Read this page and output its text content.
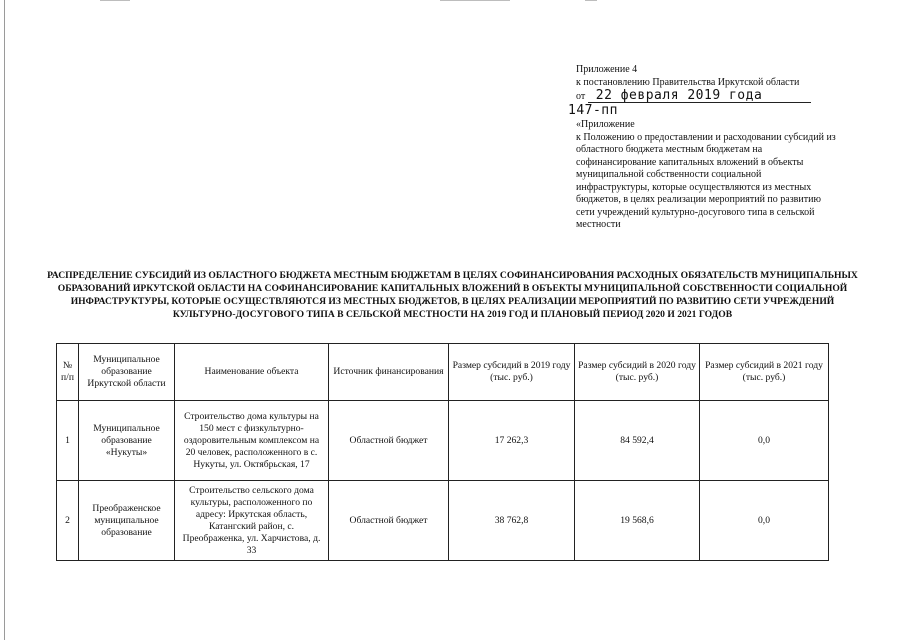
Приложение 4
к постановлению Правительства Иркутской области
от 22 февраля 2019 года
147-пп
«Приложение
к Положению о предоставлении и расходовании субсидий из областного бюджета местным бюджетам на софинансирование капитальных вложений в объекты муниципальной собственности социальной инфраструктуры, которые осуществляются из местных бюджетов, в целях реализации мероприятий по развитию сети учреждений культурно-досугового типа в сельской местности
РАСПРЕДЕЛЕНИЕ СУБСИДИЙ ИЗ ОБЛАСТНОГО БЮДЖЕТА МЕСТНЫМ БЮДЖЕТАМ В ЦЕЛЯХ СОФИНАНСИРОВАНИЯ РАСХОДНЫХ ОБЯЗАТЕЛЬСТВ МУНИЦИПАЛЬНЫХ ОБРАЗОВАНИЙ ИРКУТСКОЙ ОБЛАСТИ НА СОФИНАНСИРОВАНИЕ КАПИТАЛЬНЫХ ВЛОЖЕНИЙ В ОБЪЕКТЫ МУНИЦИПАЛЬНОЙ СОБСТВЕННОСТИ СОЦИАЛЬНОЙ ИНФРАСТРУКТУРЫ, КОТОРЫЕ ОСУЩЕСТВЛЯЮТСЯ ИЗ МЕСТНЫХ БЮДЖЕТОВ, В ЦЕЛЯХ РЕАЛИЗАЦИИ МЕРОПРИЯТИЙ ПО РАЗВИТИЮ СЕТИ УЧРЕЖДЕНИЙ КУЛЬТУРНО-ДОСУГОВОГО ТИПА В СЕЛЬСКОЙ МЕСТНОСТИ НА 2019 ГОД И ПЛАНОВЫЙ ПЕРИОД 2020 И 2021 ГОДОВ
№ п/п	Муниципальное образование Иркутской области	Наименование объекта	Источник финансирования	Размер субсидий в 2019 году (тыс. руб.)	Размер субсидий в 2020 году (тыс. руб.)	Размер субсидий в 2021 году (тыс. руб.)
1	Муниципальное образование «Нукуты»	Строительство дома культуры на 150 мест с физкультурно-оздоровительным комплексом на 20 человек, расположенного в с. Нукуты, ул. Октябрьская, 17	Областной бюджет	17 262,3	84 592,4	0,0
2	Преображенское муниципальное образование	Строительство сельского дома культуры, расположенного по адресу: Иркутская область, Катангский район, с. Преображенка, ул. Харчистова, д. 33	Областной бюджет	38 762,8	19 568,6	0,0
